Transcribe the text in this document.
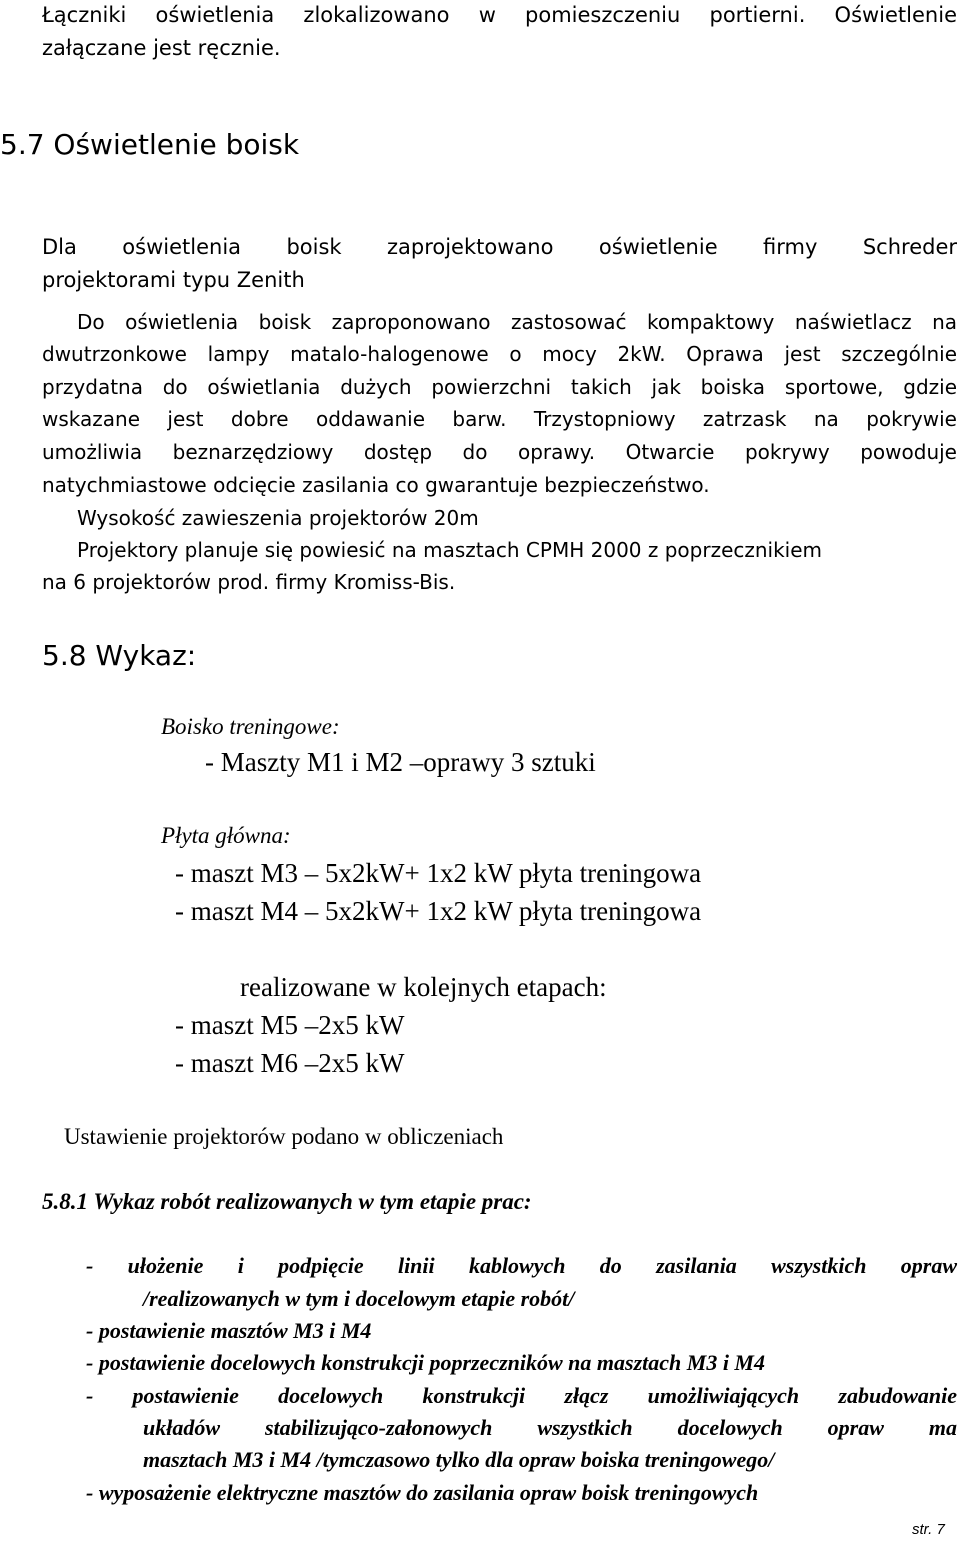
Łączniki oświetlenia zlokalizowano w pomieszczeniu portierni. Oświetlenie
załączane jest ręcznie.
5.7 Oświetlenie boisk
Dla oświetlenia boisk zaprojektowano oświetlenie firmy Schreder
projektorami typu Zenith
Do oświetlenia boisk zaproponowano zastosować kompaktowy naświetlacz na
dwutrzonkowe lampy matalo-halogenowe o mocy 2kW. Oprawa jest szczególnie
przydatna do oświetlania dużych powierzchni takich jak boiska sportowe, gdzie
wskazane jest dobre oddawanie barw. Trzystopniowy zatrzask na pokrywie
umożliwia beznarzędziowy dostęp do oprawy. Otwarcie pokrywy powoduje
natychmiastowe odcięcie zasilania co gwarantuje bezpieczeństwo.
Wysokość zawieszenia projektorów 20m
Projektory planuje się powiesić na masztach CPMH 2000 z poprzecznikiem
na 6 projektorów prod. firmy Kromiss-Bis.
5.8 Wykaz:
Boisko treningowe:
- Maszty M1 i M2 –oprawy 3 sztuki
Płyta główna:
- maszt M3 – 5x2kW+ 1x2 kW płyta treningowa
- maszt M4 – 5x2kW+ 1x2 kW płyta treningowa
realizowane w kolejnych etapach:
- maszt M5 –2x5 kW
- maszt M6 –2x5 kW
Ustawienie projektorów podano w obliczeniach
5.8.1 Wykaz robót realizowanych w tym etapie prac:
- ułożenie i podpięcie linii kablowych do zasilania wszystkich opraw
/realizowanych w tym i docelowym etapie robót/
- postawienie masztów M3 i M4
- postawienie docelowych konstrukcji poprzeczników na masztach M3 i M4
- postawienie docelowych konstrukcji złącz umożliwiających zabudowanie
układów stabilizująco-załonowych wszystkich docelowych opraw ma
masztach M3 i M4 /tymczasowo tylko dla opraw boiska treningowego/
- wyposażenie elektryczne masztów do zasilania opraw boisk treningowych
str. 7
